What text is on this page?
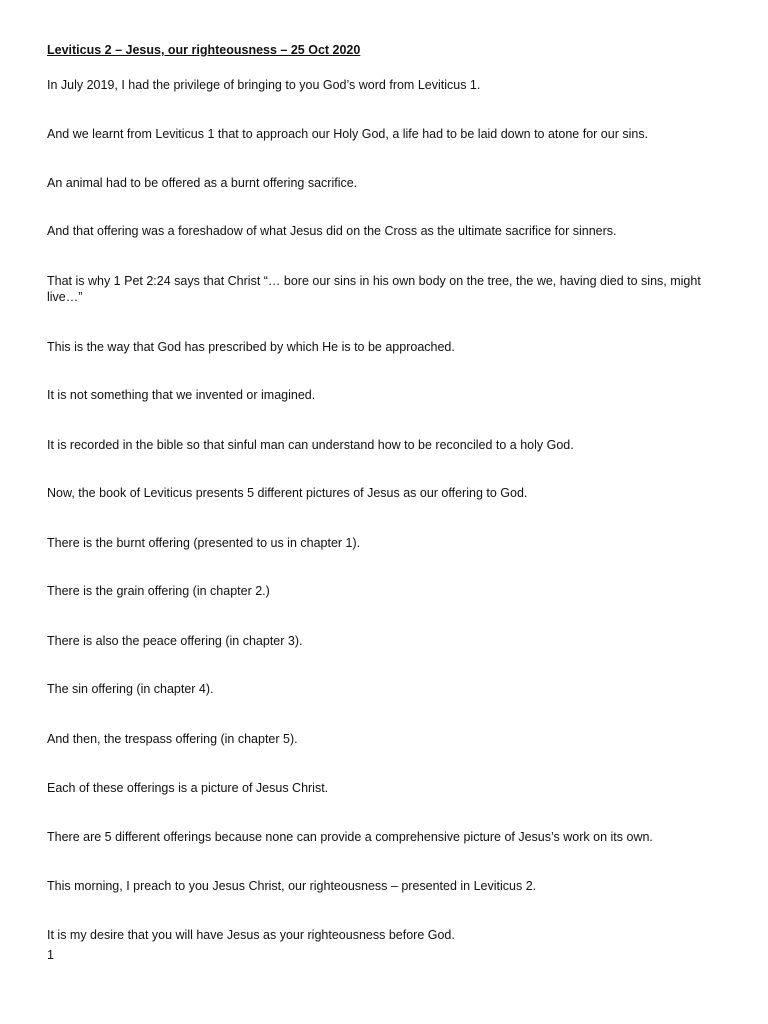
Leviticus 2 – Jesus, our righteousness – 25 Oct 2020

In July 2019, I had the privilege of bringing to you God’s word from Leviticus 1.

And we learnt from Leviticus 1 that to approach our Holy God, a life had to be laid down to atone for our sins.

An animal had to be offered as a burnt offering sacrifice.

And that offering was a foreshadow of what Jesus did on the Cross as the ultimate sacrifice for sinners.

That is why 1 Pet 2:24 says that Christ “… bore our sins in his own body on the tree, the we, having died to sins, might live…”

This is the way that God has prescribed by which He is to be approached.

It is not something that we invented or imagined.

It is recorded in the bible so that sinful man can understand how to be reconciled to a holy God.

Now, the book of Leviticus presents 5 different pictures of Jesus as our offering to God.

There is the burnt offering (presented to us in chapter 1).

There is the grain offering (in chapter 2.)

There is also the peace offering (in chapter 3).

The sin offering (in chapter 4).

And then, the trespass offering (in chapter 5).

Each of these offerings is a picture of Jesus Christ.

There are 5 different offerings because none can provide a comprehensive picture of Jesus’s work on its own.

This morning, I preach to you Jesus Christ, our righteousness – presented in Leviticus 2.

It is my desire that you will have Jesus as your righteousness before God.

1
